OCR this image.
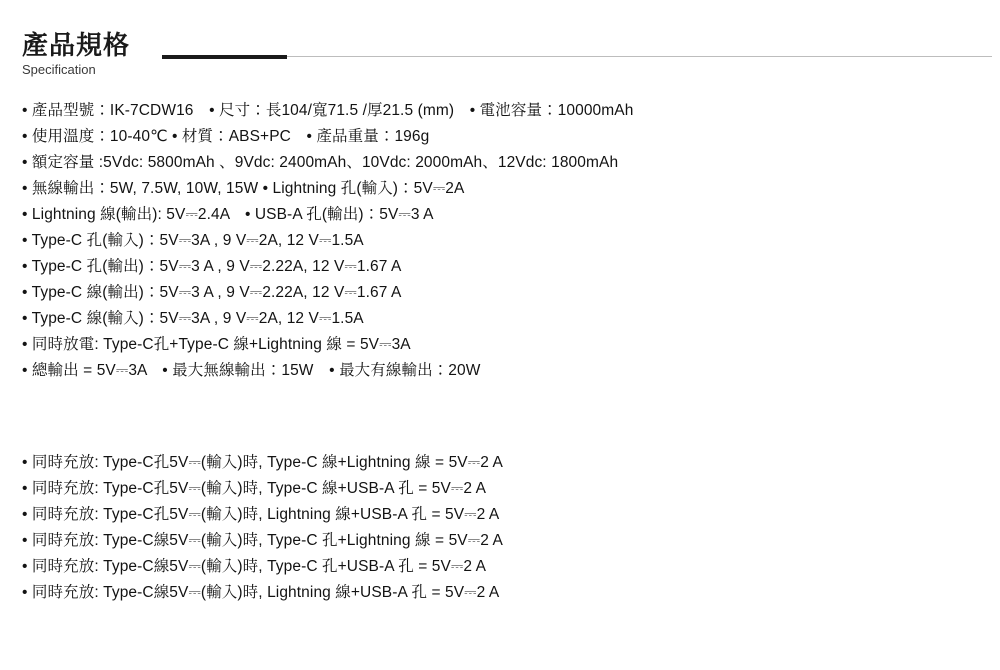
產品規格
Specification
• 產品型號：IK-7CDW16　• 尺寸：長104/寬71.5 /厚21.5 (mm)　• 電池容量：10000mAh
• 使用溫度：10-40℃ • 材質：ABS+PC　• 產品重量：196g
• 額定容量 :5Vdc: 5800mAh 、9Vdc: 2400mAh、10Vdc: 2000mAh、12Vdc: 1800mAh
• 無線輸出：5W, 7.5W, 10W, 15W • Lightning 孔(輸入)：5V⎓2A
• Lightning 線(輸出): 5V⎓2.4A　• USB-A 孔(輸出)：5V⎓3 A
• Type-C 孔(輸入)：5V⎓3A , 9 V⎓2A, 12 V⎓1.5A
• Type-C 孔(輸出)：5V⎓3 A , 9 V⎓2.22A, 12 V⎓1.67 A
• Type-C 線(輸出)：5V⎓3 A , 9 V⎓2.22A, 12 V⎓1.67 A
• Type-C 線(輸入)：5V⎓3A , 9 V⎓2A, 12 V⎓1.5A
• 同時放電: Type-C孔+Type-C 線+Lightning 線 = 5V⎓3A
• 總輸出 = 5V⎓3A　• 最大無線輸出：15W　• 最大有線輸出：20W
• 同時充放: Type-C孔5V⎓(輸入)時, Type-C 線+Lightning 線 = 5V⎓2 A
• 同時充放: Type-C孔5V⎓(輸入)時, Type-C 線+USB-A 孔 = 5V⎓2 A
• 同時充放: Type-C孔5V⎓(輸入)時, Lightning 線+USB-A 孔 = 5V⎓2 A
• 同時充放: Type-C線5V⎓(輸入)時, Type-C 孔+Lightning 線 = 5V⎓2 A
• 同時充放: Type-C線5V⎓(輸入)時, Type-C 孔+USB-A 孔 = 5V⎓2 A
• 同時充放: Type-C線5V⎓(輸入)時, Lightning 線+USB-A 孔 = 5V⎓2 A
